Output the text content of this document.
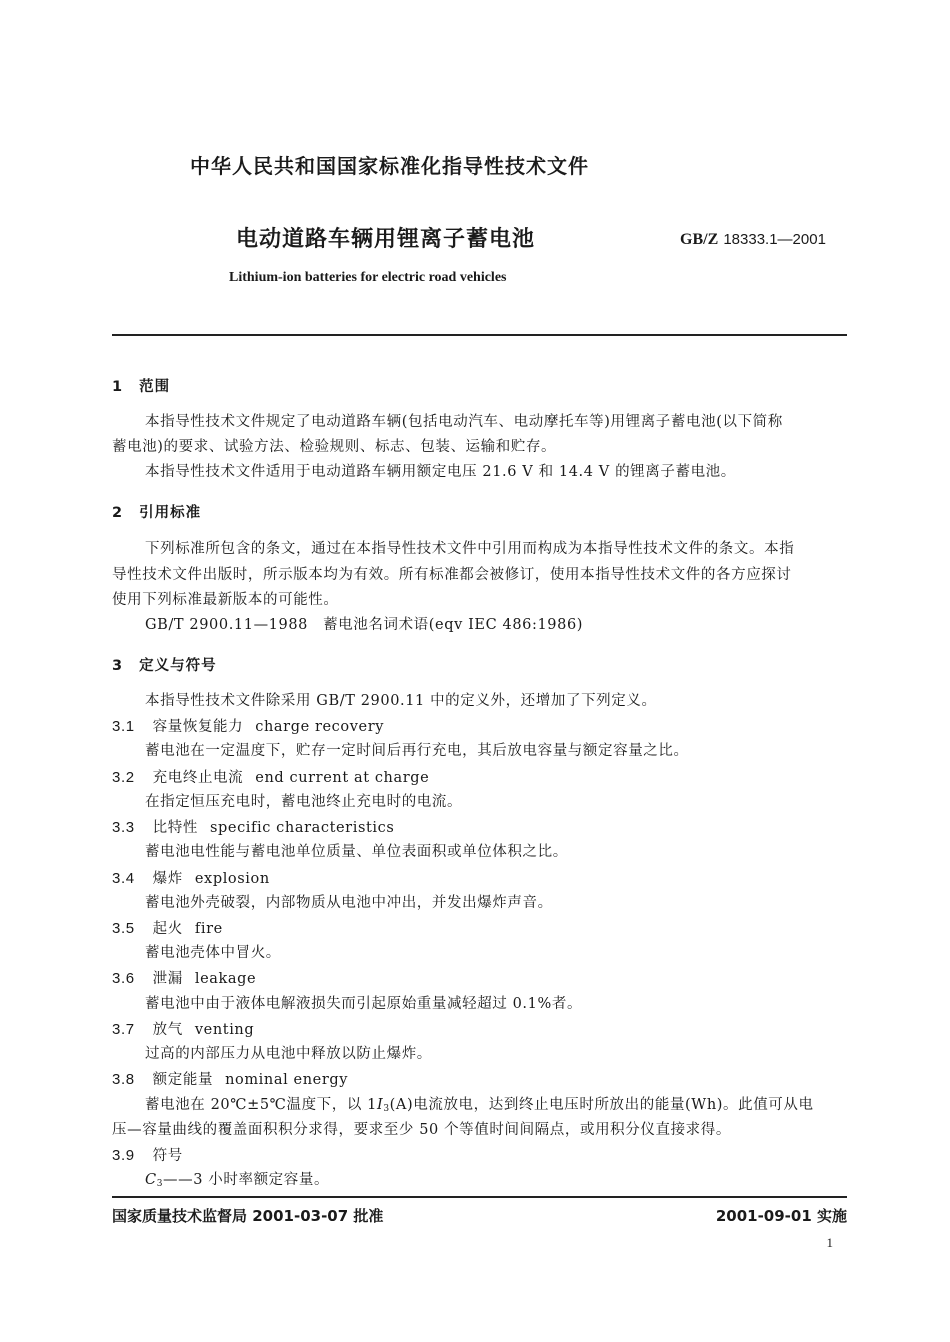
中华人民共和国国家标准化指导性技术文件
电动道路车辆用锂离子蓄电池	GB/Z 18333.1—2001
Lithium-ion batteries for electric road vehicles
1 范围
本指导性技术文件规定了电动道路车辆(包括电动汽车、电动摩托车等)用锂离子蓄电池(以下简称
蓄电池)的要求、试验方法、检验规则、标志、包装、运输和贮存。
本指导性技术文件适用于电动道路车辆用额定电压 21.6 V 和 14.4 V 的锂离子蓄电池。
2 引用标准
下列标准所包含的条文，通过在本指导性技术文件中引用而构成为本指导性技术文件的条文。本指
导性技术文件出版时，所示版本均为有效。所有标准都会被修订，使用本指导性技术文件的各方应探讨
使用下列标准最新版本的可能性。
GB/T 2900.11—1988　蓄电池名词术语(eqv IEC 486:1986)
3 定义与符号
本指导性技术文件除采用 GB/T 2900.11 中的定义外，还增加了下列定义。
3.1 容量恢复能力 charge recovery
蓄电池在一定温度下，贮存一定时间后再行充电，其后放电容量与额定容量之比。
3.2 充电终止电流 end current at charge
在指定恒压充电时，蓄电池终止充电时的电流。
3.3 比特性 specific characteristics
蓄电池电性能与蓄电池单位质量、单位表面积或单位体积之比。
3.4 爆炸 explosion
蓄电池外壳破裂，内部物质从电池中冲出，并发出爆炸声音。
3.5 起火 fire
蓄电池壳体中冒火。
3.6 泄漏 leakage
蓄电池中由于液体电解液损失而引起原始重量减轻超过 0.1%者。
3.7 放气 venting
过高的内部压力从电池中释放以防止爆炸。
3.8 额定能量 nominal energy
蓄电池在 20℃±5℃温度下，以 $1I_3(A)$电流放电，达到终止电压时所放出的能量(Wh)。此值可从电
压—容量曲线的覆盖面积积分求得，要求至少 50 个等值时间间隔点，或用积分仪直接求得。
3.9 符号
$C_3——3$ 小时率额定容量。
国家质量技术监督局 2001-03-07 批准	2001-09-01 实施
1
